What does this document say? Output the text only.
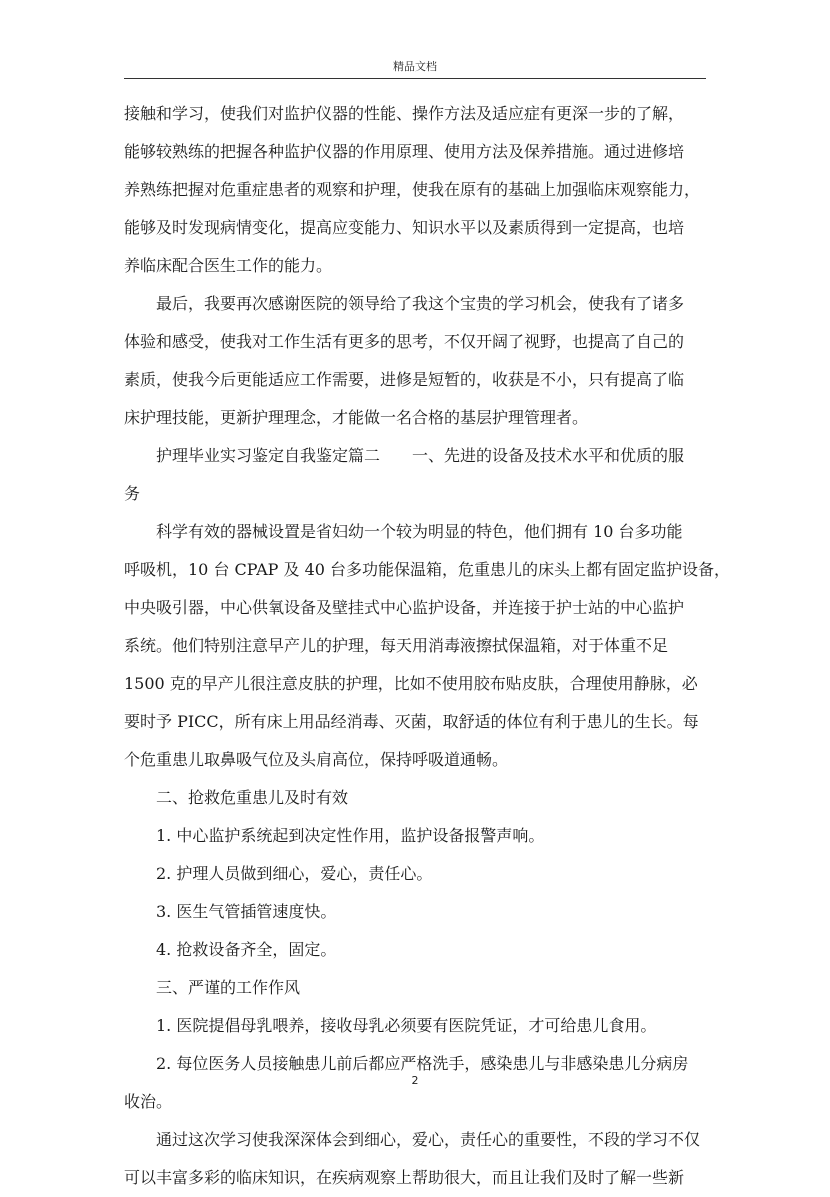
精品文档
接触和学习，使我们对监护仪器的性能、操作方法及适应症有更深一步的了解，
能够较熟练的把握各种监护仪器的作用原理、使用方法及保养措施。通过进修培
养熟练把握对危重症患者的观察和护理，使我在原有的基础上加强临床观察能力，
能够及时发现病情变化，提高应变能力、知识水平以及素质得到一定提高，也培
养临床配合医生工作的能力。
最后，我要再次感谢医院的领导给了我这个宝贵的学习机会，使我有了诸多
体验和感受，使我对工作生活有更多的思考，不仅开阔了视野，也提高了自己的
素质，使我今后更能适应工作需要，进修是短暂的，收获是不小，只有提高了临
床护理技能，更新护理理念，才能做一名合格的基层护理管理者。
护理毕业实习鉴定自我鉴定篇二　　一、先进的设备及技术水平和优质的服
务
科学有效的器械设置是省妇幼一个较为明显的特色，他们拥有 10 台多功能
呼吸机，10 台 CPAP 及 40 台多功能保温箱，危重患儿的床头上都有固定监护设备，
中央吸引器，中心供氧设备及壁挂式中心监护设备，并连接于护士站的中心监护
系统。他们特别注意早产儿的护理，每天用消毒液擦拭保温箱，对于体重不足
1500 克的早产儿很注意皮肤的护理，比如不使用胶布贴皮肤，合理使用静脉，必
要时予 PICC，所有床上用品经消毒、灭菌，取舒适的体位有利于患儿的生长。每
个危重患儿取鼻吸气位及头肩高位，保持呼吸道通畅。
二、抢救危重患儿及时有效
1. 中心监护系统起到决定性作用，监护设备报警声响。
2. 护理人员做到细心，爱心，责任心。
3. 医生气管插管速度快。
4. 抢救设备齐全，固定。
三、严谨的工作作风
1. 医院提倡母乳喂养，接收母乳必须要有医院凭证，才可给患儿食用。
2. 每位医务人员接触患儿前后都应严格洗手，感染患儿与非感染患儿分病房
收治。
通过这次学习使我深深体会到细心，爱心，责任心的重要性，不段的学习不仅
可以丰富多彩的临床知识，在疾病观察上帮助很大，而且让我们及时了解一些新
2
